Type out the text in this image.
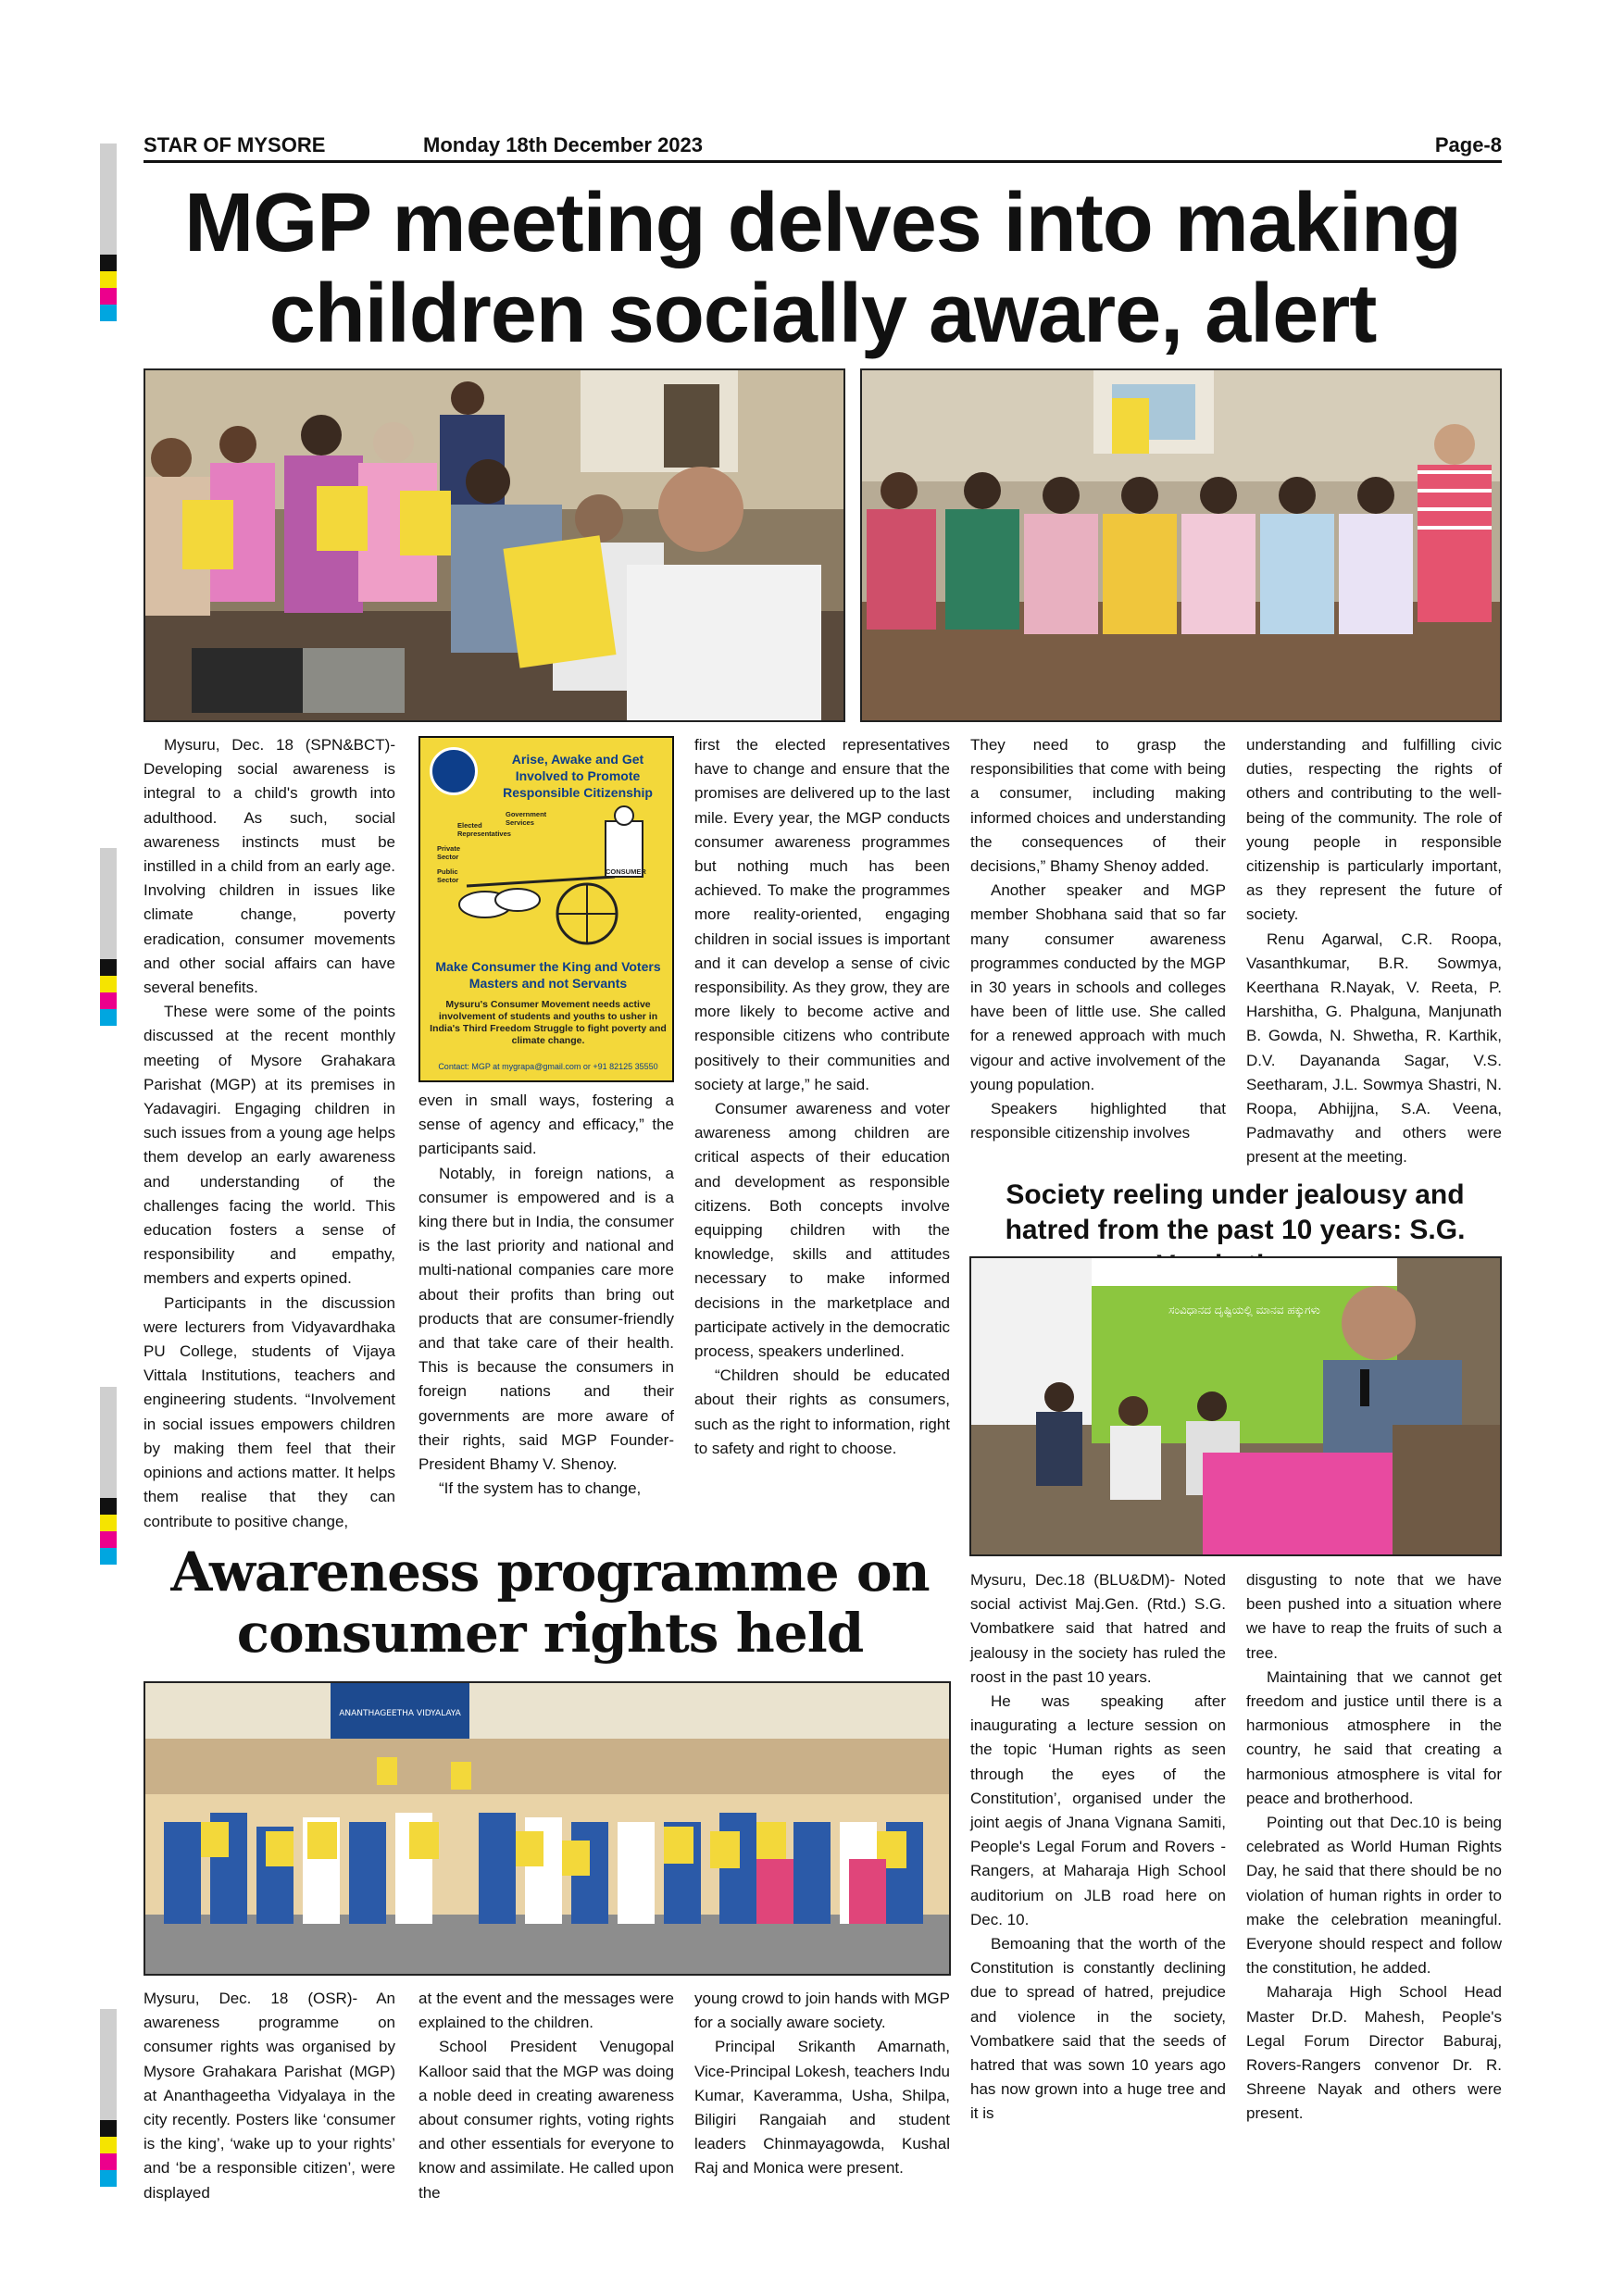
STAR OF MYSORE	Monday 18th December 2023	Page-8
MGP meeting delves into making
children socially aware, alert

Mysuru, Dec. 18 (SPN&BCT)- Developing social awareness is integral to a child's growth into adulthood. As such, social awareness instincts must be instilled in a child from an early age. Involving children in issues like climate change, poverty eradication, consumer movements and other social affairs can have several benefits.

These were some of the points discussed at the recent monthly meeting of Mysore Grahakara Parishat (MGP) at its premises in Yadavagiri. Engaging children in such issues from a young age helps them develop an early awareness and understanding of the challenges facing the world. This education fosters a sense of responsibility and empathy, members and experts opined.

Participants in the discussion were lecturers from Vidyavardhaka PU College, students of Vijaya Vittala Institutions, teachers and engineering students. “Involvement in social issues empowers children by making them feel that their opinions and actions matter. It helps them realise that they can contribute to positive change,

Arise, Awake and Get Involved to Promote Responsible Citizenship
Government Services
Elected Representatives
Private Sector
Public Sector
CONSUMER
Make Consumer the King and Voters Masters and not Servants
Mysuru's Consumer Movement needs active involvement of students and youths to usher in India's Third Freedom Struggle to fight poverty and climate change.
Contact: MGP at mygrapa@gmail.com or +91 82125 35550

even in small ways, fostering a sense of agency and efficacy,” the participants said.

Notably, in foreign nations, a consumer is empowered and is a king there but in India, the consumer is the last priority and national and multi-national companies care more about their profits than bring out products that are consumer-friendly and that take care of their health. This is because the consumers in foreign nations and their governments are more aware of their rights, said MGP Founder-President Bhamy V. Shenoy.

“If the system has to change,

first the elected representatives have to change and ensure that the promises are delivered up to the last mile. Every year, the MGP conducts consumer awareness programmes but nothing much has been achieved. To make the programmes more reality-oriented, engaging children in social issues is important and it can develop a sense of civic responsibility. As they grow, they are more likely to become active and responsible citizens who contribute positively to their communities and society at large,” he said.

Consumer awareness and voter awareness among children are critical aspects of their education and development as responsible citizens. Both concepts involve equipping children with the knowledge, skills and attitudes necessary to make informed decisions in the marketplace and participate actively in the democratic process, speakers underlined.

“Children should be educated about their rights as consumers, such as the right to information, right to safety and right to choose.

They need to grasp the responsibilities that come with being a consumer, including making informed choices and understanding the consequences of their decisions,” Bhamy Shenoy added.

Another speaker and MGP member Shobhana said that so far many consumer awareness programmes conducted by the MGP in 30 years in schools and colleges have been of little use. She called for a renewed approach with much vigour and active involvement of the young population.

Speakers highlighted that responsible citizenship involves

understanding and fulfilling civic duties, respecting the rights of others and contributing to the well-being of the community. The role of young people in responsible citizenship is particularly important, as they represent the future of society.

Renu Agarwal, C.R. Roopa, Vasanthkumar, B.R. Sowmya, Keerthana R.Nayak, V. Reeta, P. Harshitha, G. Phalguna, Manjunath B. Gowda, N. Shwetha, R. Karthik, D.V. Dayananda Sagar, V.S. Seetharam, J.L. Sowmya Shastri, N. Roopa, Abhijjna, S.A. Veena, Padmavathy and others were present at the meeting.

Society reeling under jealousy and hatred from the past 10 years: S.G.
ಸಂವಿಧಾನದ ದೃಷ್ಟಿಯಲ್ಲಿ ಮಾನವ ಹಕ್ಕುಗಳು

Mysuru, Dec.18 (BLU&DM)- Noted social activist Maj.Gen. (Rtd.) S.G. Vombatkere said that hatred and jealousy in the society has ruled the roost in the past 10 years.

He was speaking after inaugurating a lecture session on the topic ‘Human rights as seen through the eyes of the Constitution’, organised under the joint aegis of Jnana Vignana Samiti, People's Legal Forum and Rovers - Rangers, at Maharaja High School auditorium on JLB road here on Dec. 10.

Bemoaning that the worth of the Constitution is constantly declining due to spread of hatred, prejudice and violence in the society, Vombatkere said that the seeds of hatred that was sown 10 years ago has now grown into a huge tree and it is

disgusting to note that we have been pushed into a situation where we have to reap the fruits of such a tree.

Maintaining that we cannot get freedom and justice until there is a harmonious atmosphere in the country, he said that creating a harmonious atmosphere is vital for peace and brotherhood.

Pointing out that Dec.10 is being celebrated as World Human Rights Day, he said that there should be no violation of human rights in order to make the celebration meaningful. Everyone should respect and follow the constitution, he added.

Maharaja High School Head Master Dr.D. Mahesh, People's Legal Forum Director Baburaj, Rovers-Rangers convenor Dr. R. Shreene Nayak and others were present.

Awareness programme on consumer rights held
ANANTHAGEETHA VIDYALAYA

Mysuru, Dec. 18 (OSR)- An awareness programme on consumer rights was organised by Mysore Grahakara Parishat (MGP) at Ananthageetha Vidyalaya in the city recently. Posters like ‘consumer is the king’, ‘wake up to your rights’ and ‘be a responsible citizen’, were displayed

at the event and the messages were explained to the children.

School President Venugopal Kalloor said that the MGP was doing a noble deed in creating awareness about consumer rights, voting rights and other essentials for everyone to know and assimilate. He called upon the

young crowd to join hands with MGP for a socially aware society.

Principal Srikanth Amarnath, Vice-Principal Lokesh, teachers Indu Kumar, Kaveramma, Usha, Shilpa, Biligiri Rangaiah and student leaders Chinmayagowda, Kushal Raj and Monica were present.
